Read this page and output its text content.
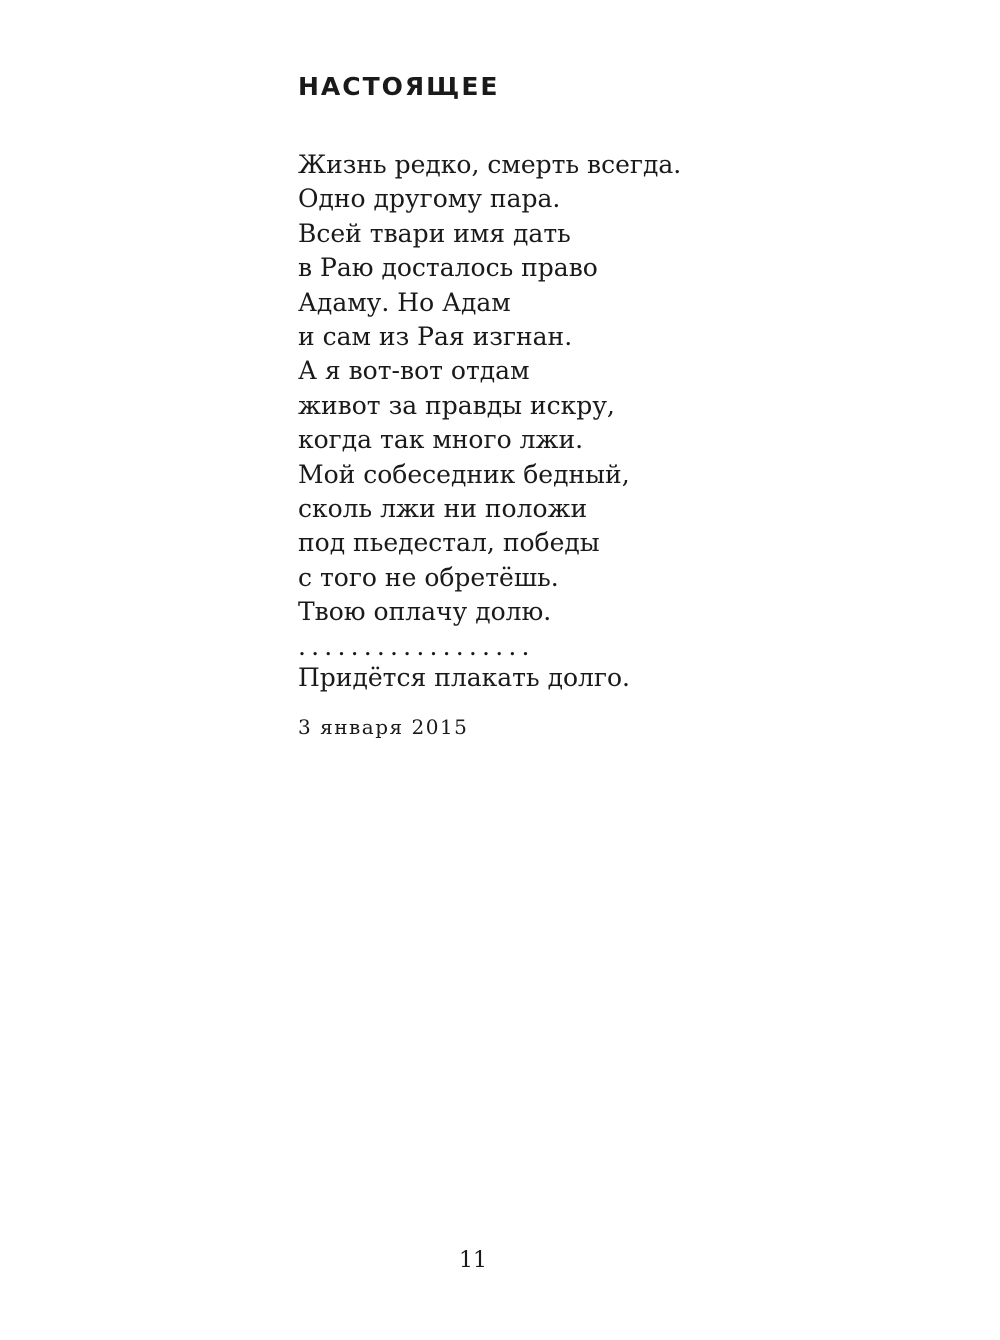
НАСТОЯЩЕЕ
Жизнь редко, смерть всегда.
Одно другому пара.
Всей твари имя дать
в Раю досталось право
Адаму. Но Адам
и сам из Рая изгнан.
А я вот-вот отдам
живот за правды искру,
когда так много лжи.
Мой собеседник бедный,
сколь лжи ни положи
под пьедестал, победы
с того не обретёшь.
Твою оплачу долю.
..................
Придётся плакать долго.
3 января 2015
11
